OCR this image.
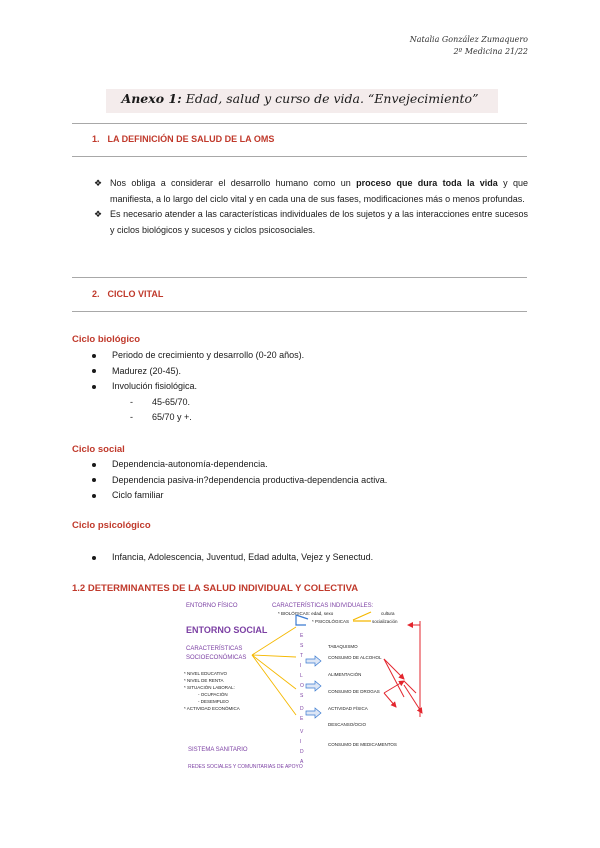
Natalia González Zumaquero
2º Medicina 21/22
Anexo 1: Edad, salud y curso de vida. “Envejecimiento”
1. LA DEFINICIÓN DE SALUD DE LA OMS
❖ Nos obliga a considerar el desarrollo humano como un proceso que dura toda la vida y que manifiesta, a lo largo del ciclo vital y en cada una de sus fases, modificaciones más o menos profundas.
❖ Es necesario atender a las características individuales de los sujetos y a las interacciones entre sucesos y ciclos biológicos y sucesos y ciclos psicosociales.
2. CICLO VITAL
Ciclo biológico
Periodo de crecimiento y desarrollo (0-20 años).
Madurez (20-45).
Involución fisiológica.
- 45-65/70.
- 65/70 y +.
Ciclo social
Dependencia-autonomía-dependencia.
Dependencia pasiva-in?dependencia productiva-dependencia activa.
Ciclo familiar
Ciclo psicológico
Infancia, Adolescencia, Juventud, Edad adulta, Vejez y Senectud.
1.2 DETERMINANTES DE LA SALUD INDIVIDUAL Y COLECTIVA
ENTORNO FÍSICO
ENTORNO SOCIAL
CARACTERÍSTICAS
SOCIOECONÓMICAS
* NIVEL EDUCATIVO
* NIVEL DE RENTA
* SITUACIÓN LABORAL:
- OCUPACIÓN
- DESEMPLEO
* ACTIVIDAD ECONÓMICA
CARACTERÍSTICAS INDIVIDUALES:
* BIOLÓGICAS: edad, sexo
* PSICOLÓGICAS
cultura
socialización
E
S
T
I
L
O
S
D
E
V
I
D
A
TABAQUISMO
CONSUMO DE ALCOHOL
ALIMENTACIÓN
CONSUMO DE DROGAS
ACTIVIDAD FÍSICA
DESCANSO/OCIO
CONSUMO DE MEDICAMENTOS
SISTEMA SANITARIO
REDES SOCIALES Y COMUNITARIAS DE APOYO
